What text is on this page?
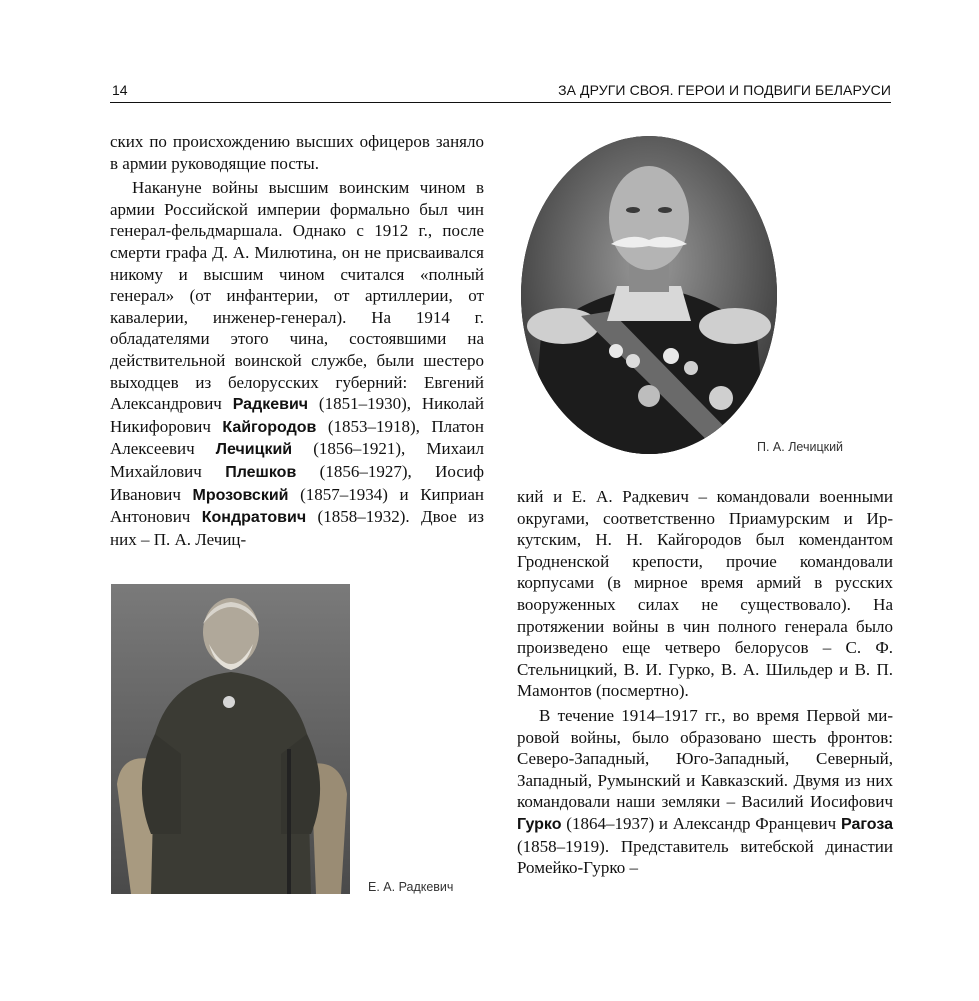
14	ЗА ДРУГИ СВОЯ. ГЕРОИ И ПОДВИГИ БЕЛАРУСИ

ских по происхождению высших офицеров заняло в армии руководящие посты.

Накануне войны высшим воинским чином в армии Российской империи формально был чин генерал-фельдмаршала. Однако с 1912 г., после смерти графа Д. А. Милютина, он не присваивался никому и высшим чином считался «полный генерал» (от инфантерии, от артиллерии, от кавалерии, инженер-генерал). На 1914 г. обладателями этого чина, состоявшими на действительной воинской службе, были шестеро выходцев из белорусских губерний: Евгений Александрович Радкевич (1851–1930), Николай Никифорович Кайгородов (1853–1918), Платон Алексеевич Лечицкий (1856–1921), Михаил Михайлович Плешков (1856–1927), Иосиф Иванович Мрозовский (1857–1934) и Киприан Антонович Кондратович (1858–1932). Двое из них – П. А. Лечиц-

П. А. Лечицкий
Е. А. Радкевич

кий и Е. А. Радкевич – командовали военными округами, соответственно Приамурским и Иркутским, Н. Н. Кайгородов был комендантом Гродненской крепости, прочие командовали корпусами (в мирное время армий в русских вооруженных силах не существовало). На протяжении войны в чин полного генерала было произведено еще четверо белорусов – С. Ф. Стельницкий, В. И. Гурко, В. А. Шильдер и В. П. Мамонтов (посмертно).

В течение 1914–1917 гг., во время Первой мировой войны, было образовано шесть фронтов: Северо-Западный, Юго-Западный, Северный, Западный, Румынский и Кавказский. Двумя из них командовали наши земляки – Василий Иосифович Гурко (1864–1937) и Александр Францевич Рагоза (1858–1919). Представитель витебской династии Ромейко-Гурко –
